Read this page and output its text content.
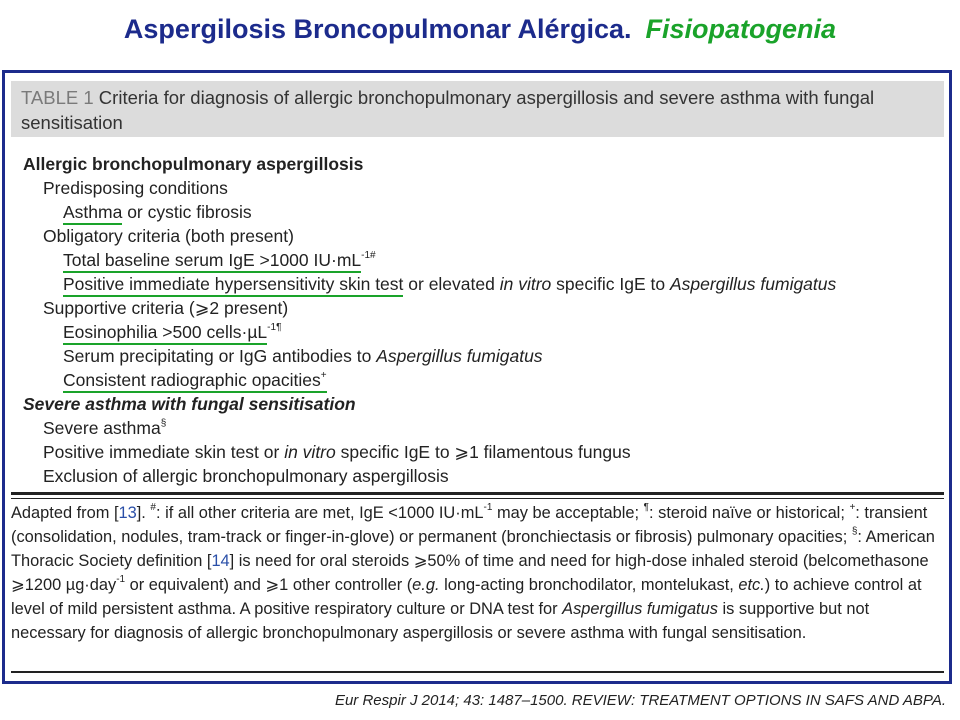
Aspergilosis Broncopulmonar Alérgica. Fisiopatogenia
TABLE 1 Criteria for diagnosis of allergic bronchopulmonary aspergillosis and severe asthma with fungal sensitisation
Allergic bronchopulmonary aspergillosis
Predisposing conditions
Asthma or cystic fibrosis
Obligatory criteria (both present)
Total baseline serum IgE >1000 $IU\cdot mL^{-1\#}$
Positive immediate hypersensitivity skin test or elevated in vitro specific IgE to Aspergillus fumigatus
Supportive criteria (⩾2 present)
Eosinophilia >500 cells·µL$^{-1\P}$
Serum precipitating or IgG antibodies to Aspergillus fumigatus
Consistent radiographic opacities+
Severe asthma with fungal sensitisation
Severe asthma§
Positive immediate skin test or in vitro specific IgE to ⩾1 filamentous fungus
Exclusion of allergic bronchopulmonary aspergillosis
Adapted from [13]. #: if all other criteria are met, IgE <1000 $IU\cdot mL^{-1}$ may be acceptable; ¶: steroid naïve or historical; +: transient (consolidation, nodules, tram-track or finger-in-glove) or permanent (bronchiectasis or fibrosis) pulmonary opacities; §: American Thoracic Society definition [14] is need for oral steroids ⩾50% of time and need for high-dose inhaled steroid (belcomethasone ⩾1200 µg·day$^{-1}$ or equivalent) and ⩾1 other controller (e.g. long-acting bronchodilator, montelukast, etc.) to achieve control at level of mild persistent asthma. A positive respiratory culture or DNA test for Aspergillus fumigatus is supportive but not necessary for diagnosis of allergic bronchopulmonary aspergillosis or severe asthma with fungal sensitisation.
Eur Respir J 2014; 43: 1487–1500. REVIEW: TREATMENT OPTIONS IN SAFS AND ABPA.
